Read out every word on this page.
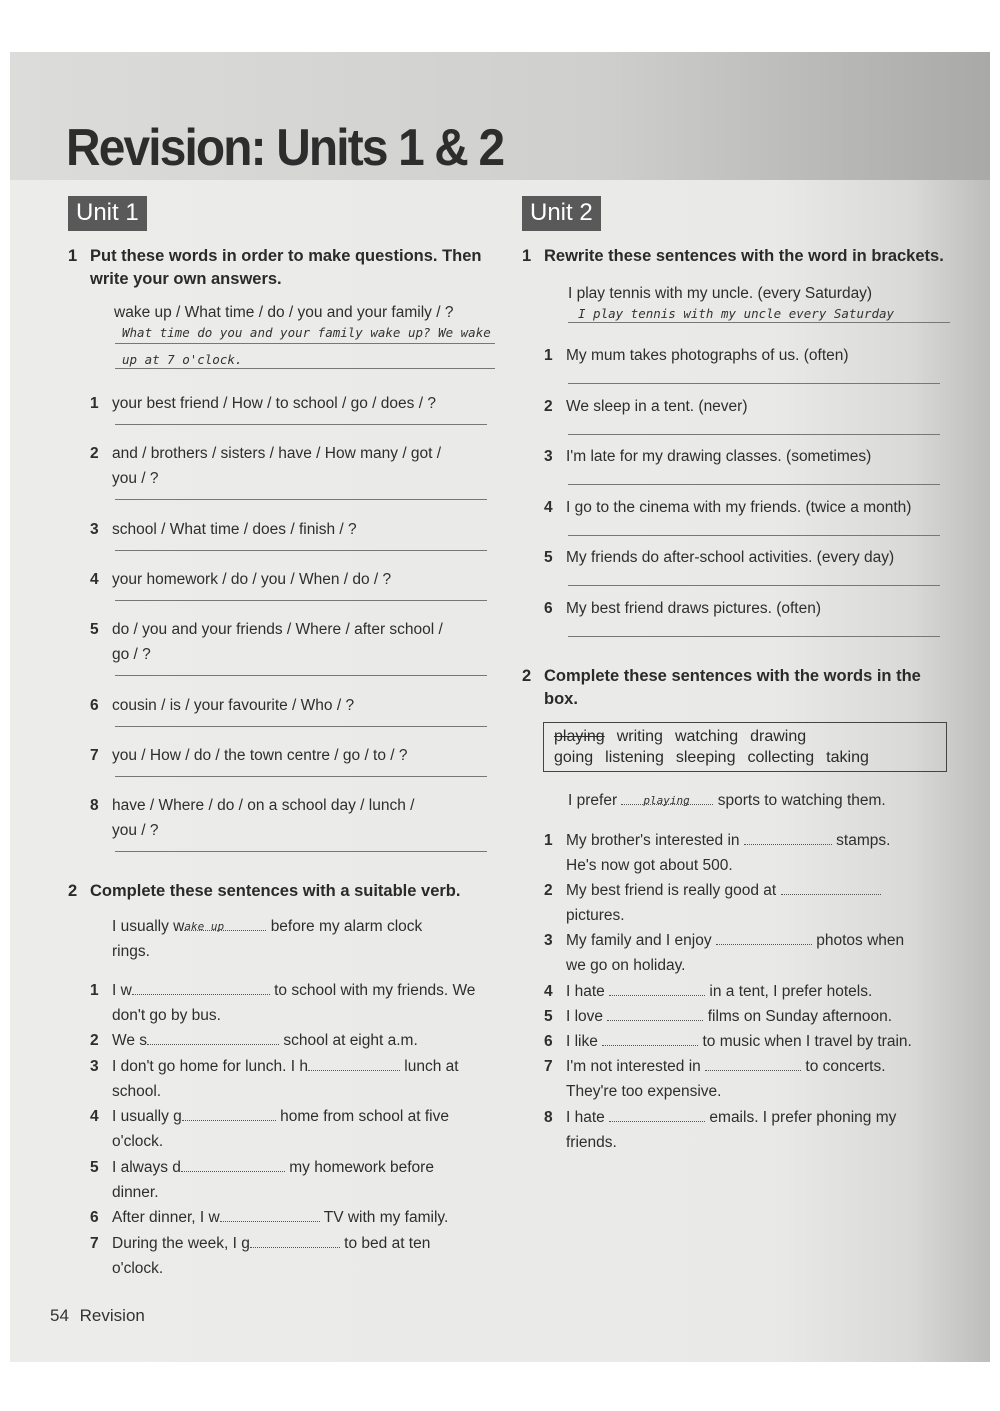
Revision: Units 1 & 2
Unit 1
1 Put these words in order to make questions. Then
write your own answers.
wake up / What time / do / you and your family / ?
What time do you and your family wake up? We wake
up at 7 o'clock.
1 your best friend / How / to school / go / does / ?
2 and / brothers / sisters / have / How many / got /
you / ?
3 school / What time / does / finish / ?
4 your homework / do / you / When / do / ?
5 do / you and your friends / Where / after school /
go / ?
6 cousin / is / your favourite / Who / ?
7 you / How / do / the town centre / go / to / ?
8 have / Where / do / on a school day / lunch /
you / ?
2 Complete these sentences with a suitable verb.
I usually w ake up	before my alarm clock
rings.
1 I w	to school with my friends. We
don't go by bus.
2 We s	school at eight a.m.
3 I don't go home for lunch. I h	lunch at
school.
4 I usually g	home from school at five
o'clock.
5 I always d	my homework before
dinner.
6 After dinner, I w	TV with my family.
7 During the week, I g	to bed at ten
o'clock.
Unit 2
1 Rewrite these sentences with the word in brackets.
I play tennis with my uncle. (every Saturday)
I play tennis with my uncle every Saturday
1 My mum takes photographs of us. (often)
2 We sleep in a tent. (never)
3 I'm late for my drawing classes. (sometimes)
4 I go to the cinema with my friends. (twice a month)
5 My friends do after-school activities. (every day)
6 My best friend draws pictures. (often)
2 Complete these sentences with the words in the
box.
playing writing watching drawing
going listening sleeping collecting taking
I prefer playing sports to watching them.
1 My brother's interested in	stamps.
He's now got about 500.
2 My best friend is really good at
pictures.
3 My family and I enjoy	photos when
we go on holiday.
4 I hate	in a tent, I prefer hotels.
5 I love	films on Sunday afternoon.
6 I like	to music when I travel by train.
7 I'm not interested in	to concerts.
They're too expensive.
8 I hate	emails. I prefer phoning my
friends.
54 Revision
